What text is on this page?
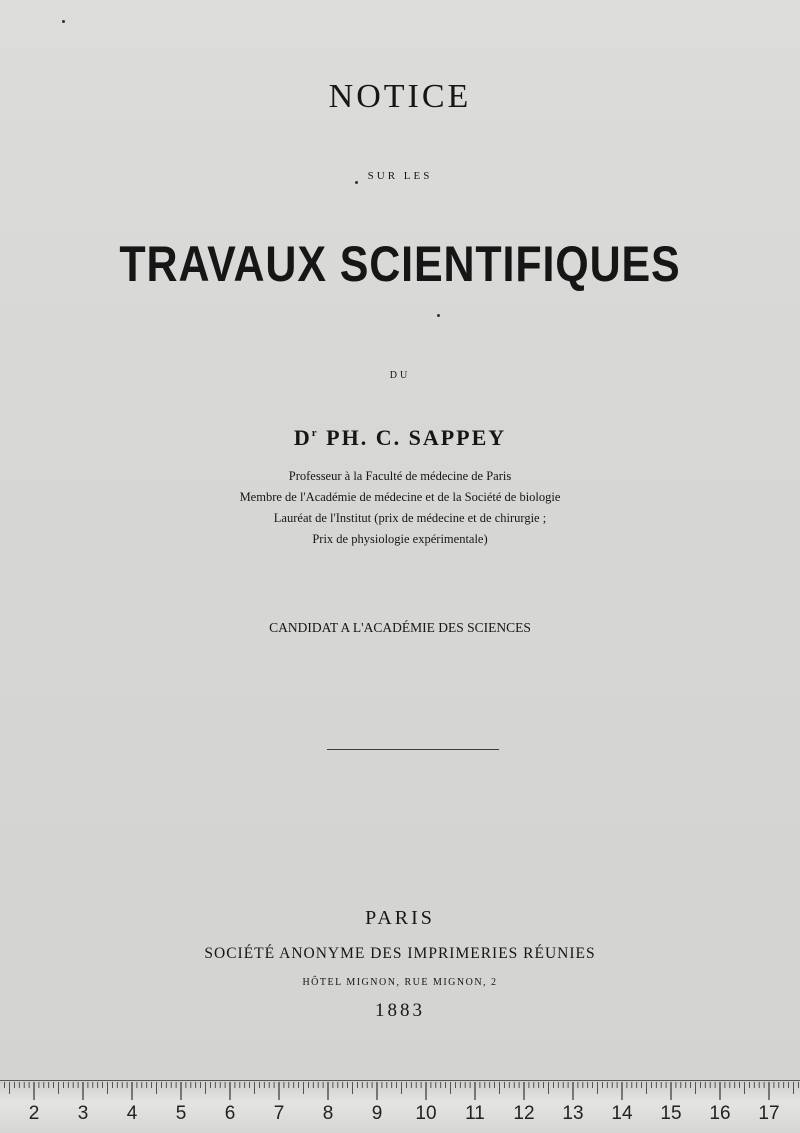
NOTICE
SUR LES
TRAVAUX SCIENTIFIQUES
DU
$D^r$ PH. C. SAPPEY
Professeur à la Faculté de médecine de Paris
Membre de l'Académie de médecine et de la Société de biologie
Lauréat de l'Institut (prix de médecine et de chirurgie ;
Prix de physiologie expérimentale)
CANDIDAT A L'ACADÉMIE DES SCIENCES
PARIS
SOCIÉTÉ ANONYME DES IMPRIMERIES RÉUNIES
HÔTEL MIGNON, RUE MIGNON, 2
1883
2 3 4 5 6 7 8 9 10 11 12 13 14 15 16 17
